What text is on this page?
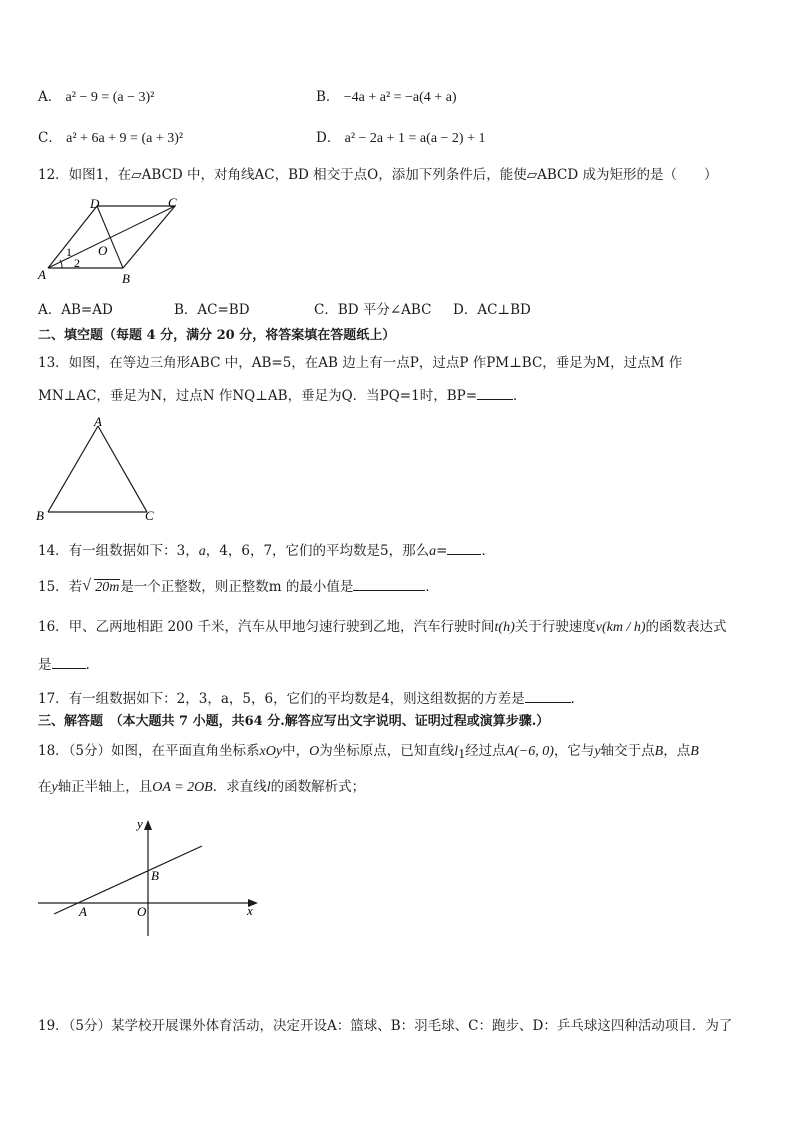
A． a² − 9 = (a − 3)²	B． −4a + a² = −a(4 + a)
C． a² + 6a + 9 = (a + 3)²	D． a² − 2a + 1 = a(a − 2) + 1
12．如图1，在▱ABCD 中，对角线AC，BD 相交于点O，添加下列条件后，能使▱ABCD 成为矩形的是（　　）
A	B
C
D
O
1
2
A．AB=AD	B．AC=BD	C．BD 平分∠ABC D．AC⊥BD
二、填空题（每题 4 分，满分 20 分，将答案填在答题纸上）
13．如图，在等边三角形ABC 中，AB=5，在AB 边上有一点P，过点P 作PM⊥BC，垂足为M，过点M 作
MN⊥AC，垂足为N，过点N 作NQ⊥AB，垂足为Q．当PQ=1时，BP=	．
A
B	C
14．有一组数据如下：3，a，4，6，7，它们的平均数是5，那么a=	．
15．若 √ 20m是一个正整数，则正整数m 的最小值是	．
16．甲、乙两地相距 200 千米，汽车从甲地匀速行驶到乙地，汽车行驶时间t(h)关于行驶速度v(km / h)的函数表达式
是	.
17．有一组数据如下：2，3，a，5，6，它们的平均数是4，则这组数据的方差是	．
三、解答题　（本大题共 7 小题，共64 分.解答应写出文字说明、证明过程或演算步骤.）
18．（5分）如图，在平面直角坐标系xOy中，O为坐标原点，已知直线$l_1$经过点A(−6, 0)，它与y轴交于点B，点B
在y轴正半轴上，且OA = 2OB．求直线l的函数解析式；
y
x
A
B
O
19．（5分）某学校开展课外体育活动，决定开设A：篮球、B：羽毛球、C：跑步、D：乒乓球这四种活动项目．为了
